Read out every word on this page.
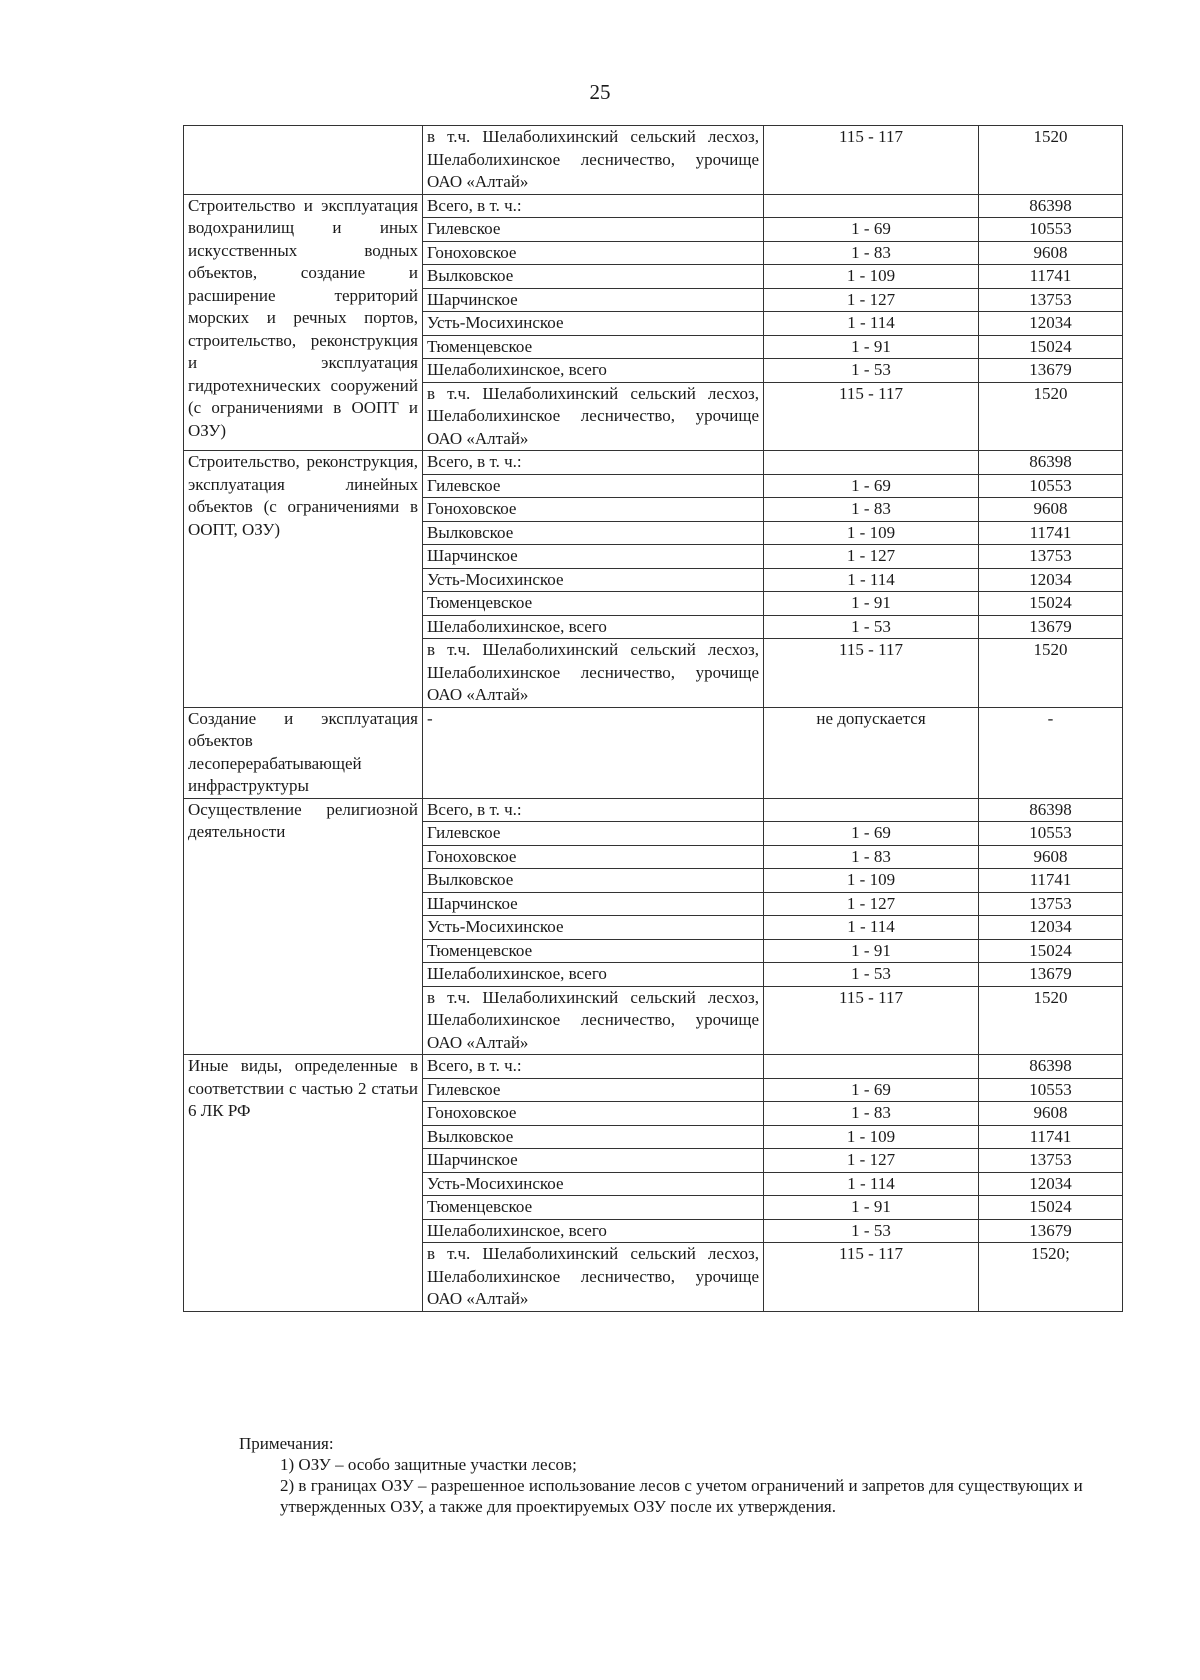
25
	в т.ч. Шелаболихинский сельский лесхоз, Шелаболихинское лесничество, урочище ОАО «Алтай»	115 - 117	1520
Строительство и эксплуатация водохранилищ и иных искусственных водных объектов, создание и расширение территорий морских и речных портов, строительство, реконструкция и эксплуатация гидротехнических сооружений (с ограничениями в ООПТ и ОЗУ)	Всего, в т. ч.:		86398
	Гилевское	1 - 69	10553
	Гоноховское	1 - 83	9608
	Вылковское	1 - 109	11741
	Шарчинское	1 - 127	13753
	Усть-Мосихинское	1 - 114	12034
	Тюменцевское	1 - 91	15024
	Шелаболихинское, всего	1 - 53	13679
	в т.ч. Шелаболихинский сельский лесхоз, Шелаболихинское лесничество, урочище ОАО «Алтай»	115 - 117	1520
Строительство, реконструкция, эксплуатация линейных объектов (с ограничениями в ООПТ, ОЗУ)	Всего, в т. ч.:		86398
	Гилевское	1 - 69	10553
	Гоноховское	1 - 83	9608
	Вылковское	1 - 109	11741
	Шарчинское	1 - 127	13753
	Усть-Мосихинское	1 - 114	12034
	Тюменцевское	1 - 91	15024
	Шелаболихинское, всего	1 - 53	13679
	в т.ч. Шелаболихинский сельский лесхоз, Шелаболихинское лесничество, урочище ОАО «Алтай»	115 - 117	1520
Создание и эксплуатация объектов лесоперерабатывающей инфраструктуры	-	не допускается	-
Осуществление религиозной деятельности	Всего, в т. ч.:		86398
	Гилевское	1 - 69	10553
	Гоноховское	1 - 83	9608
	Вылковское	1 - 109	11741
	Шарчинское	1 - 127	13753
	Усть-Мосихинское	1 - 114	12034
	Тюменцевское	1 - 91	15024
	Шелаболихинское, всего	1 - 53	13679
	в т.ч. Шелаболихинский сельский лесхоз, Шелаболихинское лесничество, урочище ОАО «Алтай»	115 - 117	1520
Иные виды, определенные в соответствии с частью 2 статьи 6 ЛК РФ	Всего, в т. ч.:		86398
	Гилевское	1 - 69	10553
	Гоноховское	1 - 83	9608
	Вылковское	1 - 109	11741
	Шарчинское	1 - 127	13753
	Усть-Мосихинское	1 - 114	12034
	Тюменцевское	1 - 91	15024
	Шелаболихинское, всего	1 - 53	13679
	в т.ч. Шелаболихинский сельский лесхоз, Шелаболихинское лесничество, урочище ОАО «Алтай»	115 - 117	1520;
Примечания:
1) ОЗУ – особо защитные участки лесов;
2) в границах ОЗУ – разрешенное использование лесов с учетом ограничений и запретов для существующих и утвержденных ОЗУ, а также для проектируемых ОЗУ после их утверждения.
